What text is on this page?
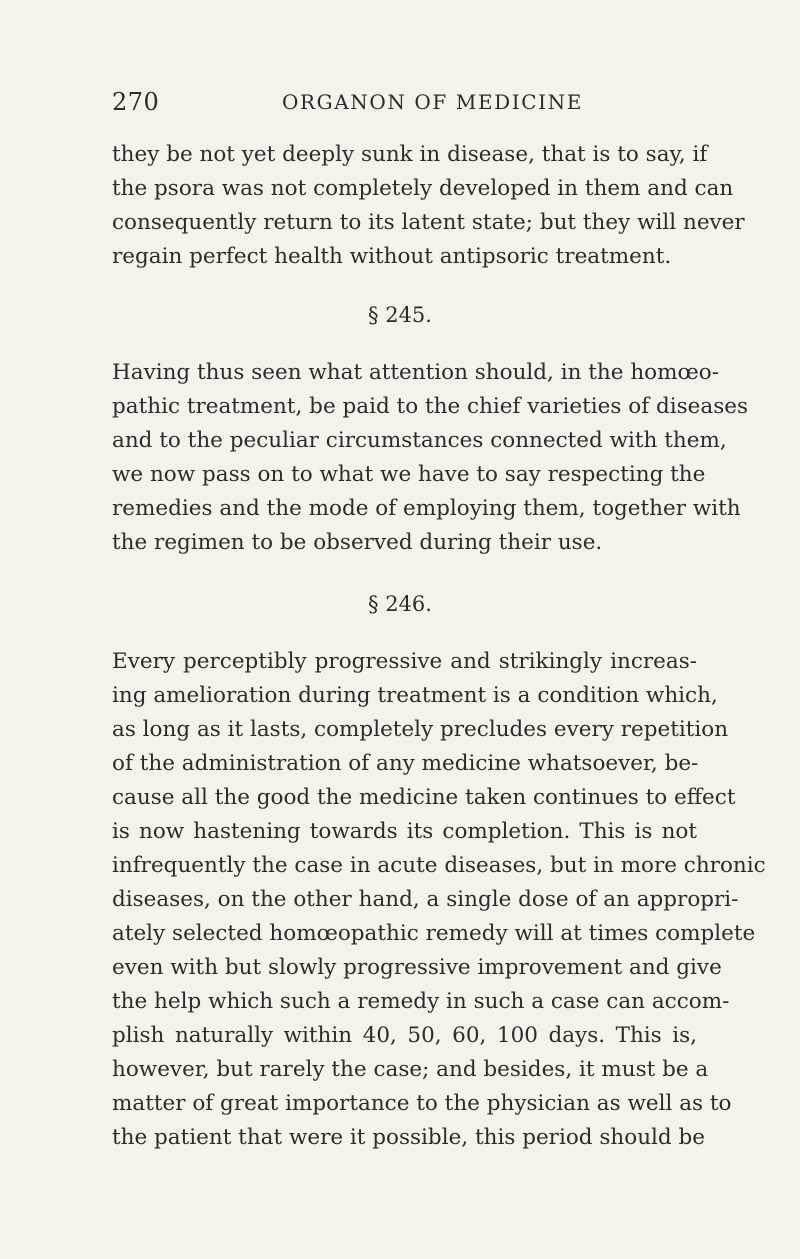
270	ORGANON OF MEDICINE
they be not yet deeply sunk in disease, that is to say, if
the psora was not completely developed in them and can
consequently return to its latent state; but they will never
regain perfect health without antipsoric treatment.
§ 245.
Having thus seen what attention should, in the homœo-
pathic treatment, be paid to the chief varieties of diseases
and to the peculiar circumstances connected with them,
we now pass on to what we have to say respecting the
remedies and the mode of employing them, together with
the regimen to be observed during their use.
§ 246.
Every perceptibly progressive and strikingly increas-
ing amelioration during treatment is a condition which,
as long as it lasts, completely precludes every repetition
of the administration of any medicine whatsoever, be-
cause all the good the medicine taken continues to effect
is now hastening towards its completion. This is not
infrequently the case in acute diseases, but in more chronic
diseases, on the other hand, a single dose of an appropri-
ately selected homœopathic remedy will at times complete
even with but slowly progressive improvement and give
the help which such a remedy in such a case can accom-
plish naturally within 40, 50, 60, 100 days. This is,
however, but rarely the case; and besides, it must be a
matter of great importance to the physician as well as to
the patient that were it possible, this period should be
